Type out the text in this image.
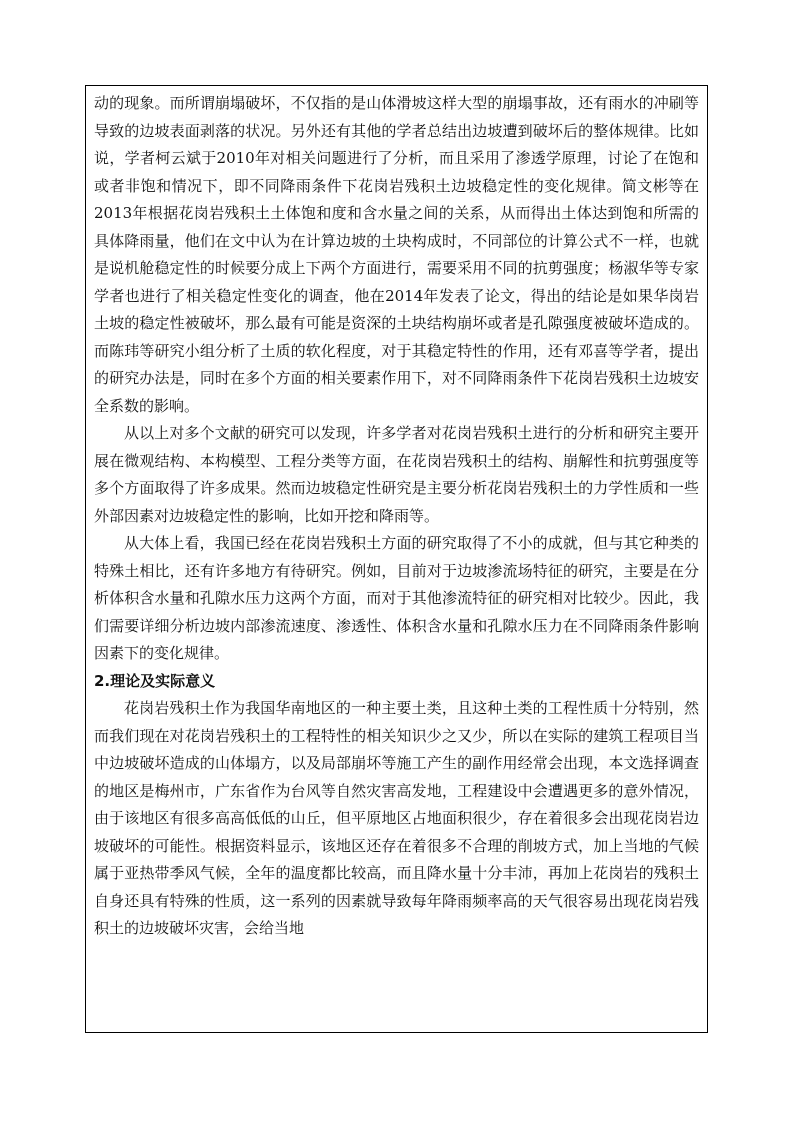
动的现象。而所谓崩塌破坏，不仅指的是山体滑坡这样大型的崩塌事故，还有雨水的冲刷等导致的边坡表面剥落的状况。另外还有其他的学者总结出边坡遭到破坏后的整体规律。比如说，学者柯云斌于2010年对相关问题进行了分析，而且采用了渗透学原理，讨论了在饱和或者非饱和情况下，即不同降雨条件下花岗岩残积土边坡稳定性的变化规律。简文彬等在2013年根据花岗岩残积土土体饱和度和含水量之间的关系，从而得出土体达到饱和所需的具体降雨量，他们在文中认为在计算边坡的土块构成时，不同部位的计算公式不一样，也就是说机舱稳定性的时候要分成上下两个方面进行，需要采用不同的抗剪强度；杨淑华等专家学者也进行了相关稳定性变化的调查，他在2014年发表了论文，得出的结论是如果华岗岩土坡的稳定性被破坏，那么最有可能是资深的土块结构崩坏或者是孔隙强度被破坏造成的。而陈玮等研究小组分析了土质的软化程度，对于其稳定特性的作用，还有邓喜等学者，提出的研究办法是，同时在多个方面的相关要素作用下，对不同降雨条件下花岗岩残积土边坡安全系数的影响。

从以上对多个文献的研究可以发现，许多学者对花岗岩残积土进行的分析和研究主要开展在微观结构、本构模型、工程分类等方面，在花岗岩残积土的结构、崩解性和抗剪强度等多个方面取得了许多成果。然而边坡稳定性研究是主要分析花岗岩残积土的力学性质和一些外部因素对边坡稳定性的影响，比如开挖和降雨等。

从大体上看，我国已经在花岗岩残积土方面的研究取得了不小的成就，但与其它种类的特殊土相比，还有许多地方有待研究。例如，目前对于边坡渗流场特征的研究，主要是在分析体积含水量和孔隙水压力这两个方面，而对于其他渗流特征的研究相对比较少。因此，我们需要详细分析边坡内部渗流速度、渗透性、体积含水量和孔隙水压力在不同降雨条件影响因素下的变化规律。

2.理论及实际意义

花岗岩残积土作为我国华南地区的一种主要土类，且这种土类的工程性质十分特别，然而我们现在对花岗岩残积土的工程特性的相关知识少之又少，所以在实际的建筑工程项目当中边坡破坏造成的山体塌方，以及局部崩坏等施工产生的副作用经常会出现，本文选择调查的地区是梅州市，广东省作为台风等自然灾害高发地，工程建设中会遭遇更多的意外情况，由于该地区有很多高高低低的山丘，但平原地区占地面积很少，存在着很多会出现花岗岩边坡破坏的可能性。根据资料显示，该地区还存在着很多不合理的削坡方式，加上当地的气候属于亚热带季风气候，全年的温度都比较高，而且降水量十分丰沛，再加上花岗岩的残积土自身还具有特殊的性质，这一系列的因素就导致每年降雨频率高的天气很容易出现花岗岩残积土的边坡破坏灾害，会给当地
